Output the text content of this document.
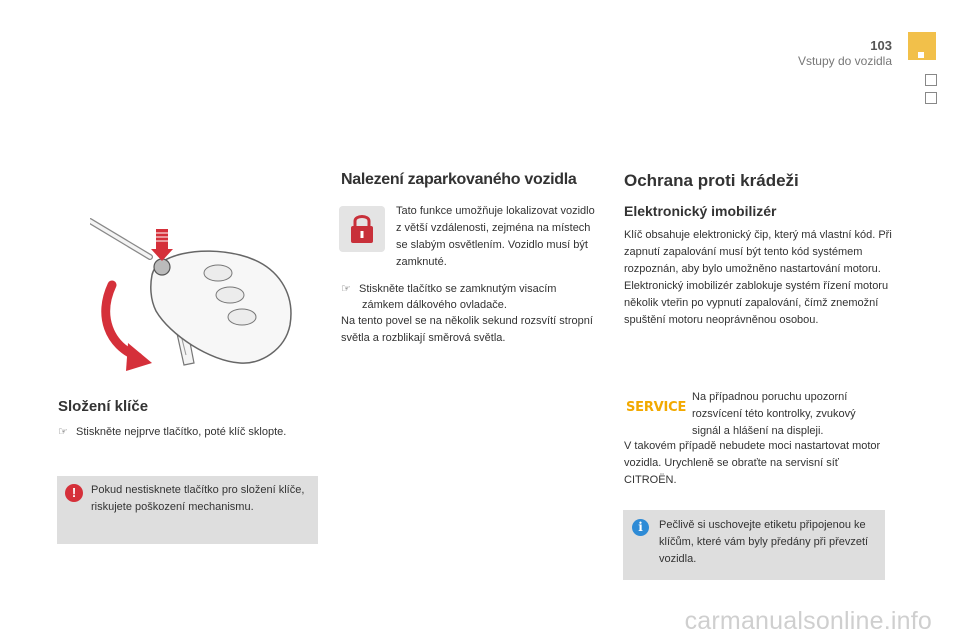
103
Vstupy do vozidla
Složení klíče
☞ Stiskněte nejprve tlačítko, poté klíč sklopte.
!	Pokud nestisknete tlačítko pro složení klíče, riskujete poškození mechanismu.
Nalezení zaparkovaného vozidla
Tato funkce umožňuje lokalizovat vozidlo z větší vzdálenosti, zejména na místech se slabým osvětlením. Vozidlo musí být zamknuté.
☞ Stiskněte tlačítko se zamknutým visacím
zámkem dálkového ovladače.
Na tento povel se na několik sekund rozsvítí stropní světla a rozblikají směrová světla.
Ochrana proti krádeži
Elektronický imobilizér
Klíč obsahuje elektronický čip, který má vlastní kód. Při zapnutí zapalování musí být tento kód systémem rozpoznán, aby bylo umožněno nastartování motoru.
Elektronický imobilizér zablokuje systém řízení motoru několik vteřin po vypnutí zapalování, čímž znemožní spuštění motoru neoprávněnou osobou.
SERVICE
Na případnou poruchu upozorní rozsvícení této kontrolky, zvukový signál a hlášení na displeji.
V takovém případě nebudete moci nastartovat motor vozidla. Urychleně se obraťte na servisní síť CITROËN.
i	Pečlivě si uschovejte etiketu připojenou ke klíčům, které vám byly předány při převzetí vozidla.
carmanualsonline.info
